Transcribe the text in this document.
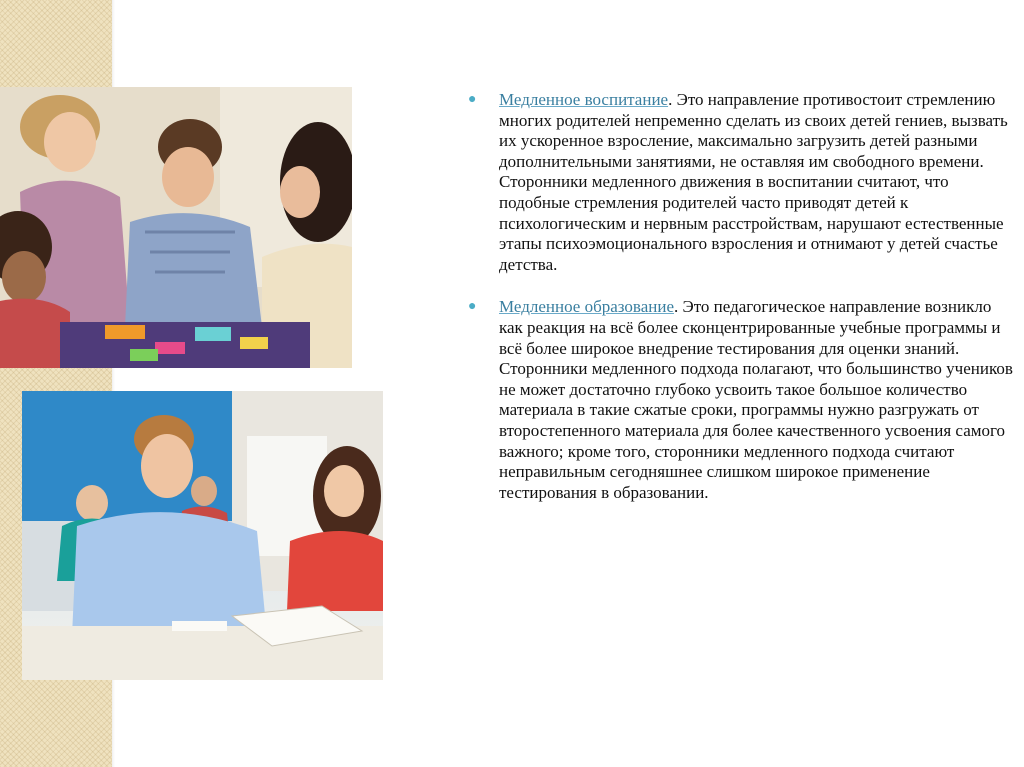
● Медленное воспитание. Это направление противостоит стремлению многих родителей непременно сделать из своих детей гениев, вызвать их ускоренное взросление, максимально загрузить детей разными дополнительными занятиями, не оставляя им свободного времени. Сторонники медленного движения в воспитании считают, что подобные стремления родителей часто приводят детей к психологическим и нервным расстройствам, нарушают естественные этапы психоэмоционального взросления и отнимают у детей счастье детства.
● Медленное образование. Это педагогическое направление возникло как реакция на всё более сконцентрированные учебные программы и всё более широкое внедрение тестирования для оценки знаний. Сторонники медленного подхода полагают, что большинство учеников не может достаточно глубоко усвоить такое большое количество материала в такие сжатые сроки, программы нужно разгружать от второстепенного материала для более качественного усвоения самого важного; кроме того, сторонники медленного подхода считают неправильным сегодняшнее слишком широкое применение тестирования в образовании.
